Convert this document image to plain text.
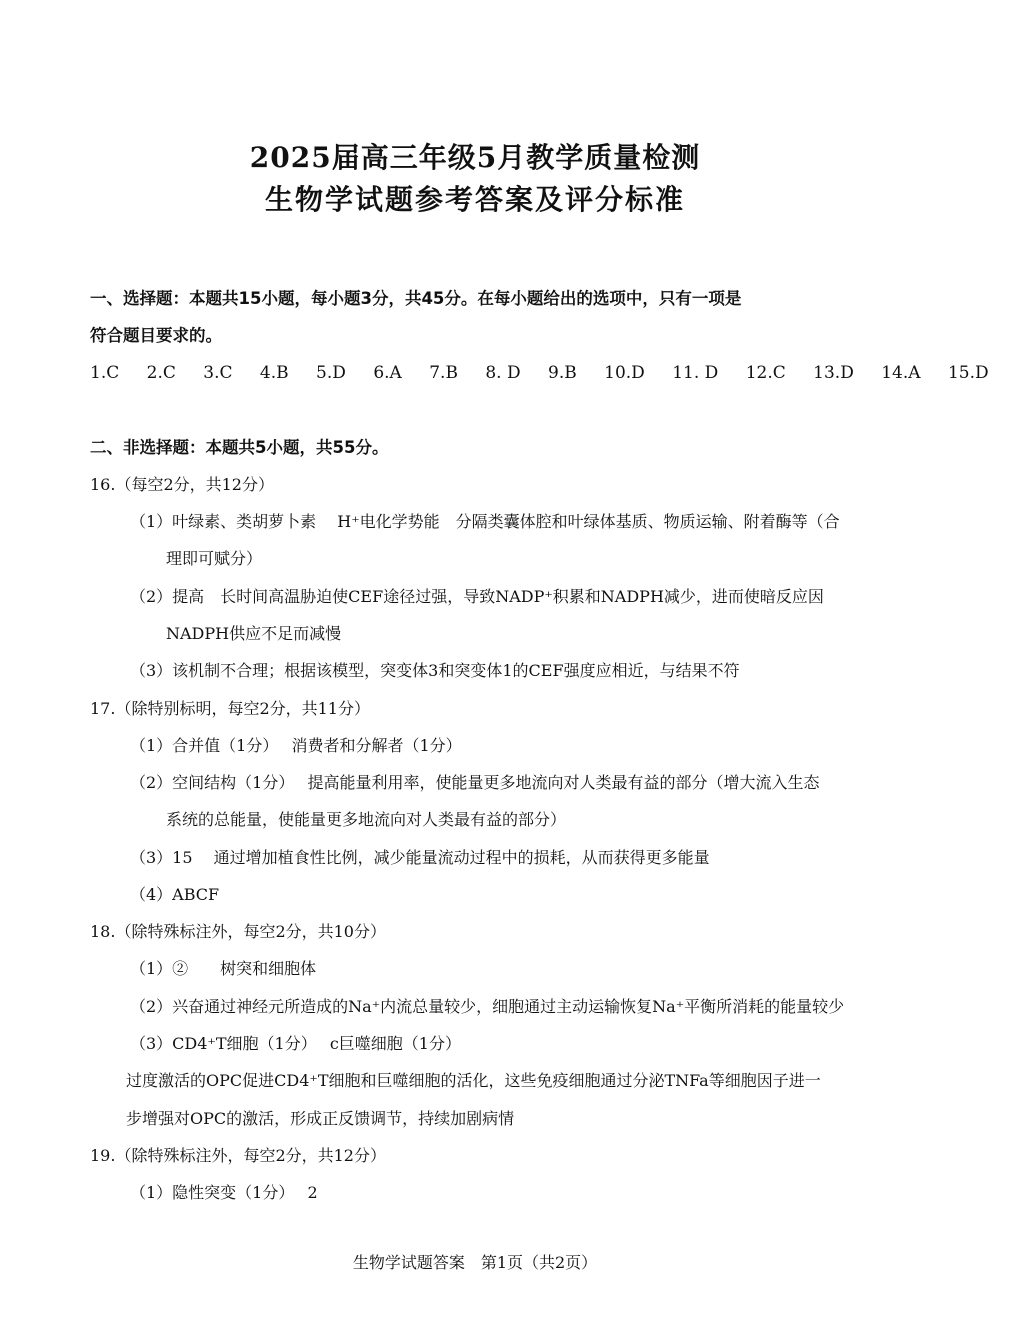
2025届高三年级5月教学质量检测
生物学试题参考答案及评分标准
一、选择题：本题共15小题，每小题3分，共45分。在每小题给出的选项中，只有一项是
符合题目要求的。
1.C 2.C 3.C 4.B 5.D 6.A 7.B 8. D 9.B 10.D 11. D 12.C 13.D 14.A 15.D
二、非选择题：本题共5小题，共55分。
16.（每空2分，共12分）
（1）叶绿素、类胡萝卜素　 H⁺电化学势能　分隔类囊体腔和叶绿体基质、物质运输、附着酶等（合
理即可赋分）
（2）提高　长时间高温胁迫使CEF途径过强，导致NADP⁺积累和NADPH减少，进而使暗反应因
NADPH供应不足而减慢
（3）该机制不合理；根据该模型，突变体3和突变体1的CEF强度应相近，与结果不符
17.（除特别标明，每空2分，共11分）
（1）合并值（1分）　 消费者和分解者（1分）
（2）空间结构（1分）　 提高能量利用率，使能量更多地流向对人类最有益的部分（增大流入生态
系统的总能量，使能量更多地流向对人类最有益的部分）
（3）15　 通过增加植食性比例，减少能量流动过程中的损耗，从而获得更多能量
（4）ABCF
18.（除特殊标注外，每空2分，共10分）
（1）②　　树突和细胞体
（2）兴奋通过神经元所造成的Na⁺内流总量较少，细胞通过主动运输恢复Na⁺平衡所消耗的能量较少
（3）CD4⁺T细胞（1分）　 c巨噬细胞（1分）
过度激活的OPC促进CD4⁺T细胞和巨噬细胞的活化，这些免疫细胞通过分泌TNFa等细胞因子进一
步增强对OPC的激活，形成正反馈调节，持续加剧病情
19.（除特殊标注外，每空2分，共12分）
（1）隐性突变（1分）　 2
生物学试题答案　第1页（共2页）
